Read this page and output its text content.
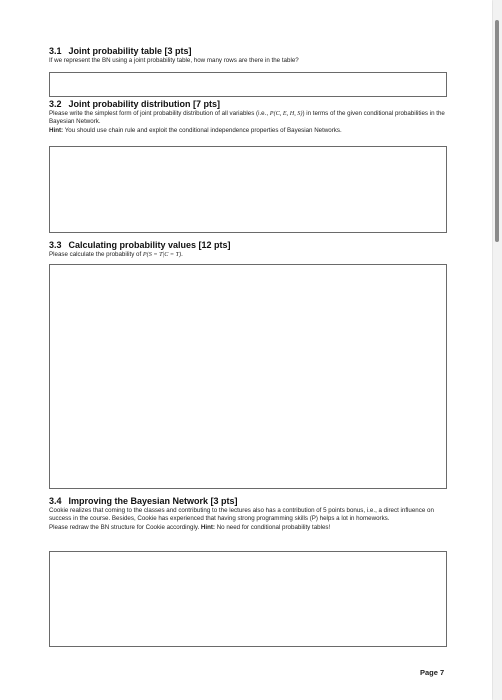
3.1 Joint probability table [3 pts]
If we represent the BN using a joint probability table, how many rows are there in the table?
3.2 Joint probability distribution [7 pts]
Please write the simplest form of joint probability distribution of all variables (i.e., P(C, E, H, S)) in terms of the given conditional probabilities in the Bayesian Network.
Hint: You should use chain rule and exploit the conditional independence properties of Bayesian Networks.
3.3 Calculating probability values [12 pts]
Please calculate the probability of P(S = T|C = T).
3.4 Improving the Bayesian Network [3 pts]
Cookie realizes that coming to the classes and contributing to the lectures also has a contribution of 5 points bonus, i.e., a direct influence on success in the course. Besides, Cookie has experienced that having strong programming skills (P) helps a lot in homeworks.
Please redraw the BN structure for Cookie accordingly. Hint: No need for conditional probability tables!
Page 7
